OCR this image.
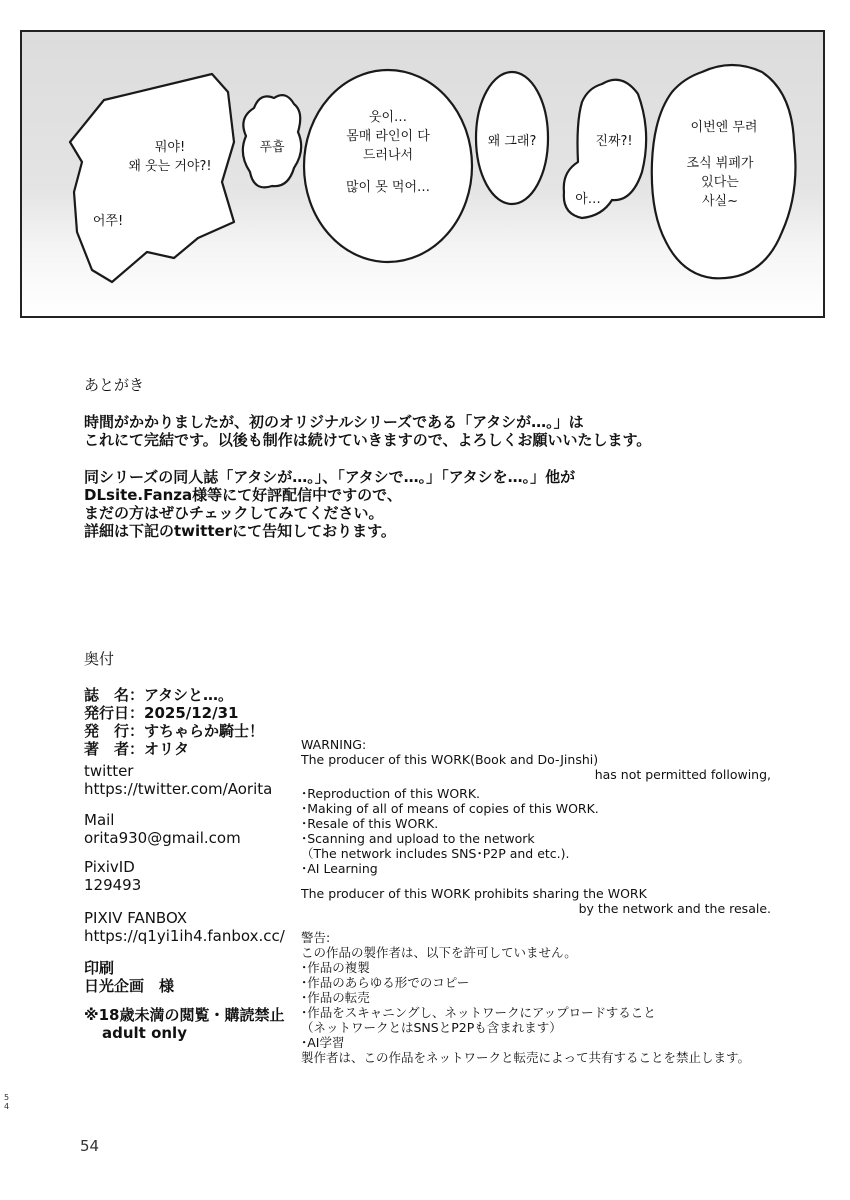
뭐야!
왜 웃는 거야?!
어쭈!
푸흡
웃이…
몸매 라인이 다
드러나서
많이 못 먹어…
왜 그래?	진짜?!
아…
이번엔 무려
조식 뷔페가
있다는
사실~
あとがき
時間がかかりましたが、初のオリジナルシリーズである「アタシが…。」は
これにて完結です。以後も制作は続けていきますので、よろしくお願いいたします。
同シリーズの同人誌「アタシが…。」、「アタシで…。」「アタシを…。」他が
DLsite.Fanza様等にて好評配信中ですので、
まだの方はぜひチェックしてみてください。
詳細は下記のtwitterにて告知しております。
奥付
誌　名：アタシと…。
発行日：2025/12/31
発　行：すちゃらか騎士！
著　者：オリタ
twitter
https://twitter.com/Aorita
Mail
orita930@gmail.com
PixivID
129493
PIXIV FANBOX
https://q1yi1ih4.fanbox.cc/
印刷
日光企画　様
※18歳未満の閲覧・購読禁止
adult only
WARNING:
The producer of this WORK(Book and Do-Jinshi)
has not permitted following,
･Reproduction of this WORK.
･Making of all of means of copies of this WORK.
･Resale of this WORK.
･Scanning and upload to the network
（The network includes SNS･P2P and etc.).
･AI Learning
The producer of this WORK prohibits sharing the WORK
by the network and the resale.
警告:
この作品の製作者は、以下を許可していません。
･作品の複製
･作品のあらゆる形でのコピー
･作品の転売
･作品をスキャニングし、ネットワークにアップロードすること
（ネットワークとはSNSとP2Pも含まれます）
･AI学習
製作者は、この作品をネットワークと転売によって共有することを禁止します。
5
4
54
